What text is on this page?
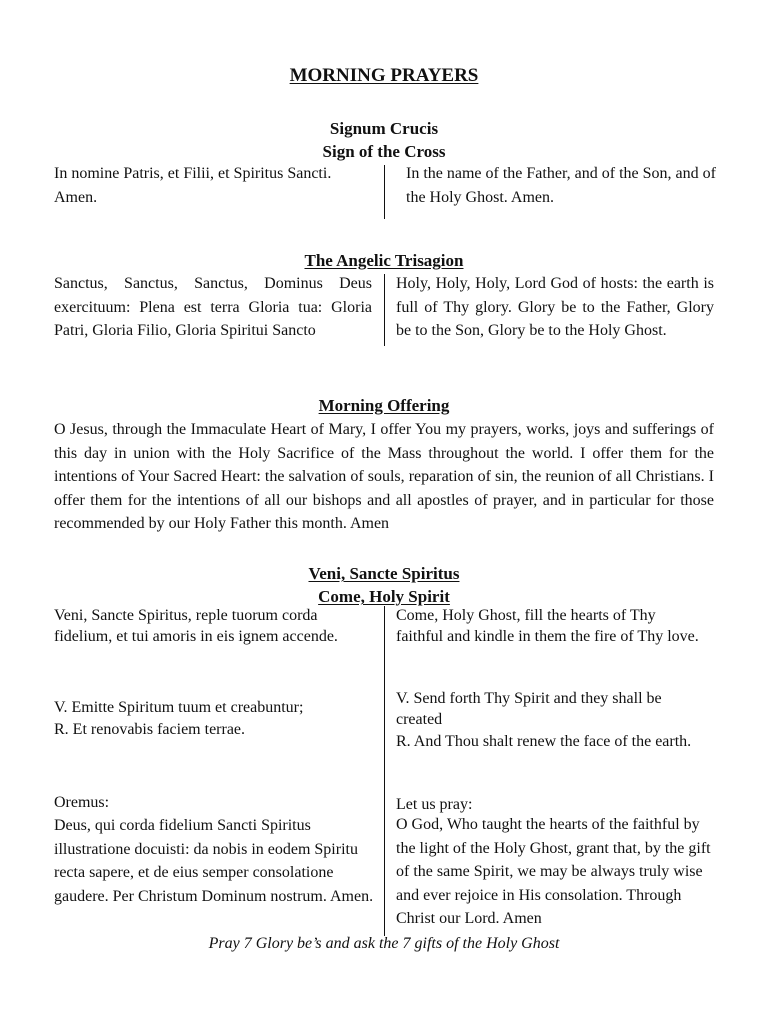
MORNING PRAYERS
Signum Crucis
Sign of the Cross
In nomine Patris, et Filii, et Spiritus Sancti. Amen.
In the name of the Father, and of the Son, and of the Holy Ghost. Amen.
The Angelic Trisagion
Sanctus, Sanctus, Sanctus, Dominus Deus exercituum: Plena est terra Gloria tua: Gloria Patri, Gloria Filio, Gloria Spiritui Sancto
Holy, Holy, Holy, Lord God of hosts: the earth is full of Thy glory. Glory be to the Father, Glory be to the Son, Glory be to the Holy Ghost.
Morning Offering
O Jesus, through the Immaculate Heart of Mary, I offer You my prayers, works, joys and sufferings of this day in union with the Holy Sacrifice of the Mass throughout the world. I offer them for the intentions of Your Sacred Heart: the salvation of souls, reparation of sin, the reunion of all Christians. I offer them for the intentions of all our bishops and all apostles of prayer, and in particular for those recommended by our Holy Father this month. Amen
Veni, Sancte Spiritus
Come, Holy Spirit
Veni, Sancte Spiritus, reple tuorum corda fidelium, et tui amoris in eis ignem accende.
Come, Holy Ghost, fill the hearts of Thy faithful and kindle in them the fire of Thy love.
V. Emitte Spiritum tuum et creabuntur;
R. Et renovabis faciem terrae.
V. Send forth Thy Spirit and they shall be created
R. And Thou shalt renew the face of the earth.
Oremus:
Deus, qui corda fidelium Sancti Spiritus illustratione docuisti: da nobis in eodem Spiritu recta sapere, et de eius semper consolatione gaudere. Per Christum Dominum nostrum. Amen.
Let us pray:
O God, Who taught the hearts of the faithful by the light of the Holy Ghost, grant that, by the gift of the same Spirit, we may be always truly wise and ever rejoice in His consolation. Through Christ our Lord. Amen
Pray 7 Glory be’s and ask the 7 gifts of the Holy Ghost
